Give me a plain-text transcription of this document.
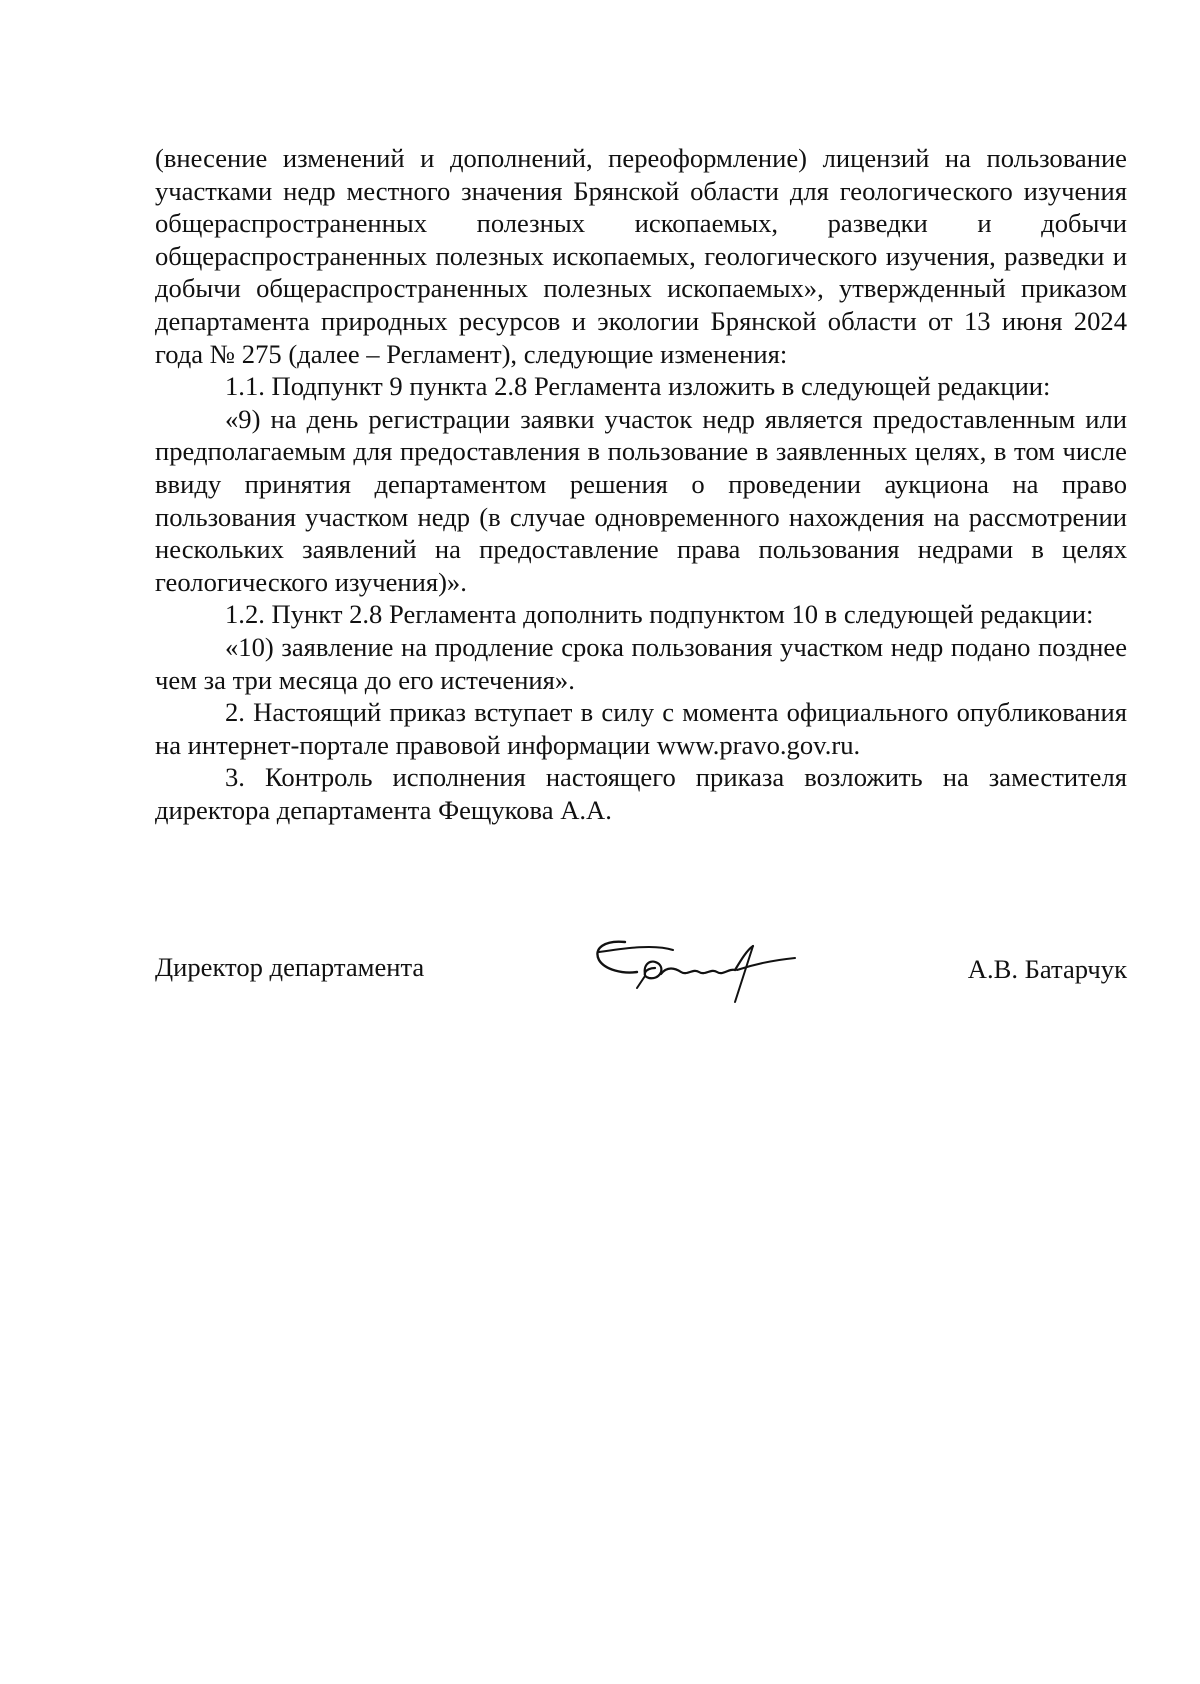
(внесение изменений и дополнений, переоформление) лицензий на пользование участками недр местного значения Брянской области для геологического изучения общераспространенных полезных ископаемых, разведки и добычи общераспространенных полезных ископаемых, геологического изучения, разведки и добычи общераспространенных полезных ископаемых», утвержденный приказом департамента природных ресурсов и экологии Брянской области от 13 июня 2024 года № 275 (далее – Регламент), следующие изменения:

1.1. Подпункт 9 пункта 2.8 Регламента изложить в следующей редакции:

«9) на день регистрации заявки участок недр является предоставленным или предполагаемым для предоставления в пользование в заявленных целях, в том числе ввиду принятия департаментом решения о проведении аукциона на право пользования участком недр (в случае одновременного нахождения на рассмотрении нескольких заявлений на предоставление права пользования недрами в целях геологического изучения)».

1.2. Пункт 2.8 Регламента дополнить подпунктом 10 в следующей редакции:

«10) заявление на продление срока пользования участком недр подано позднее чем за три месяца до его истечения».

2. Настоящий приказ вступает в силу с момента официального опубликования на интернет-портале правовой информации www.pravo.gov.ru.

3. Контроль исполнения настоящего приказа возложить на заместителя директора департамента Фещукова А.А.

Директор департамента	А.В. Батарчук
